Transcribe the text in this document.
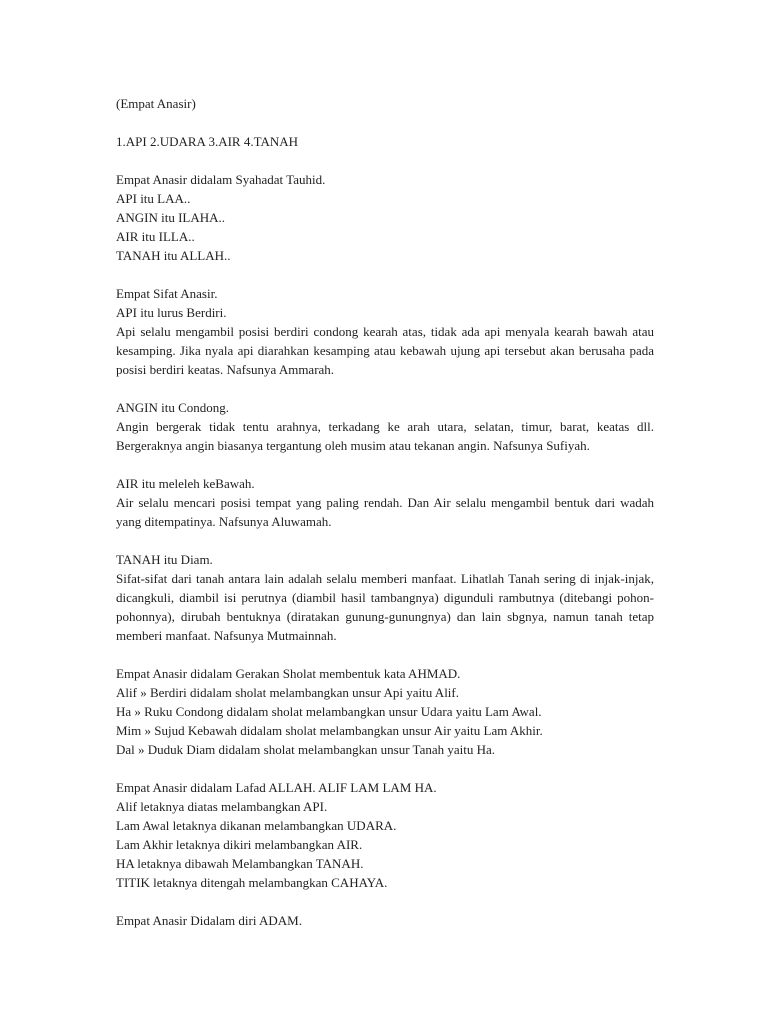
(Empat Anasir)

1.API 2.UDARA 3.AIR 4.TANAH

Empat Anasir didalam Syahadat Tauhid.
API itu LAA..
ANGIN itu ILAHA..
AIR itu ILLA..
TANAH itu ALLAH..

Empat Sifat Anasir.
API itu lurus Berdiri.
Api selalu mengambil posisi berdiri condong kearah atas, tidak ada api menyala kearah bawah atau kesamping. Jika nyala api diarahkan kesamping atau kebawah ujung api tersebut akan berusaha pada posisi berdiri keatas. Nafsunya Ammarah.

ANGIN itu Condong.
Angin bergerak tidak tentu arahnya, terkadang ke arah utara, selatan, timur, barat, keatas dll. Bergeraknya angin biasanya tergantung oleh musim atau tekanan angin. Nafsunya Sufiyah.

AIR itu meleleh keBawah.
Air selalu mencari posisi tempat yang paling rendah. Dan Air selalu mengambil bentuk dari wadah yang ditempatinya. Nafsunya Aluwamah.

TANAH itu Diam.
Sifat-sifat dari tanah antara lain adalah selalu memberi manfaat. Lihatlah Tanah sering di injak-injak, dicangkuli, diambil isi perutnya (diambil hasil tambangnya) digunduli rambutnya (ditebangi pohon-pohonnya), dirubah bentuknya (diratakan gunung-gunungnya) dan lain sbgnya, namun tanah tetap memberi manfaat. Nafsunya Mutmainnah.

Empat Anasir didalam Gerakan Sholat membentuk kata AHMAD.
Alif » Berdiri didalam sholat melambangkan unsur Api yaitu Alif.
Ha » Ruku Condong didalam sholat melambangkan unsur Udara yaitu Lam Awal.
Mim » Sujud Kebawah didalam sholat melambangkan unsur Air yaitu Lam Akhir.
Dal » Duduk Diam didalam sholat melambangkan unsur Tanah yaitu Ha.

Empat Anasir didalam Lafad ALLAH. ALIF LAM LAM HA.
Alif letaknya diatas melambangkan API.
Lam Awal letaknya dikanan melambangkan UDARA.
Lam Akhir letaknya dikiri melambangkan AIR.
HA letaknya dibawah Melambangkan TANAH.
TITIK letaknya ditengah melambangkan CAHAYA.

Empat Anasir Didalam diri ADAM.
